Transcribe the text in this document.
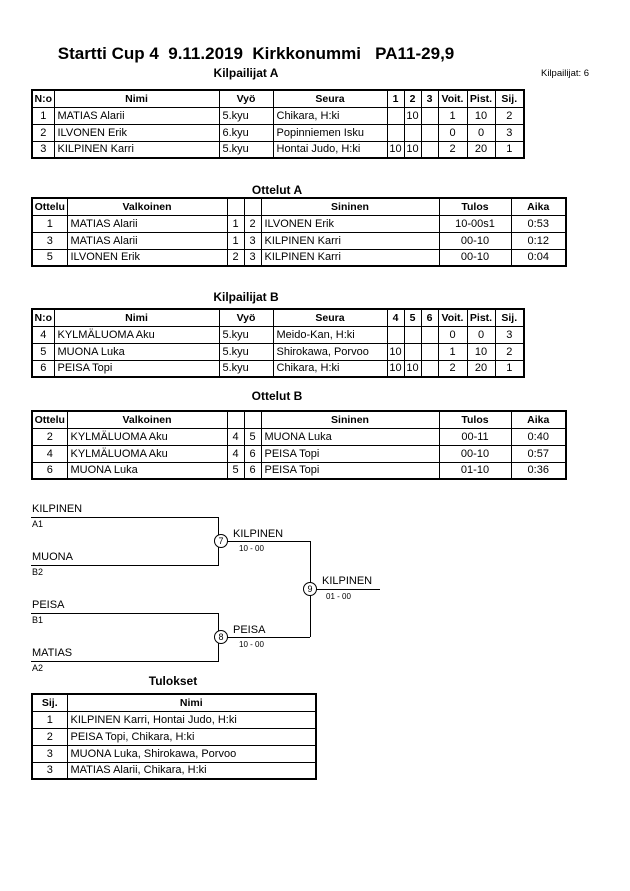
Startti Cup 4  9.11.2019  Kirkkonummi   PA11-29,9
Kilpailijat: 6
Kilpailijat A
N:o	Nimi	Vyö	Seura	1	2	3	Voit.	Pist.	Sij.
1	MATIAS Alarii	5.kyu	Chikara, H:ki		10		1	10	2
2	ILVONEN Erik	6.kyu	Popinniemen Isku				0	0	3
3	KILPINEN Karri	5.kyu	Hontai Judo, H:ki	10	10		2	20	1
Ottelut A
Ottelu	Valkoinen			Sininen	Tulos	Aika
1	MATIAS Alarii	1	2	ILVONEN Erik	10-00s1	0:53
3	MATIAS Alarii	1	3	KILPINEN Karri	00-10	0:12
5	ILVONEN Erik	2	3	KILPINEN Karri	00-10	0:04
Kilpailijat B
N:o	Nimi	Vyö	Seura	4	5	6	Voit.	Pist.	Sij.
4	KYLMÄLUOMA Aku	5.kyu	Meido-Kan, H:ki				0	0	3
5	MUONA Luka	5.kyu	Shirokawa, Porvoo	10			1	10	2
6	PEISA Topi	5.kyu	Chikara, H:ki	10	10		2	20	1
Ottelut B
Ottelu	Valkoinen			Sininen	Tulos	Aika
2	KYLMÄLUOMA Aku	4	5	MUONA Luka	00-11	0:40
4	KYLMÄLUOMA Aku	4	6	PEISA Topi	00-10	0:57
6	MUONA Luka	5	6	PEISA Topi	01-10	0:36
KILPINEN
A1
MUONA
B2
7
KILPINEN
10 - 00
PEISA
B1
MATIAS
A2
8
PEISA
10 - 00
9
KILPINEN
01 - 00
Tulokset
Sij.	Nimi
1	KILPINEN Karri, Hontai Judo, H:ki
2	PEISA Topi, Chikara, H:ki
3	MUONA Luka, Shirokawa, Porvoo
3	MATIAS Alarii, Chikara, H:ki
